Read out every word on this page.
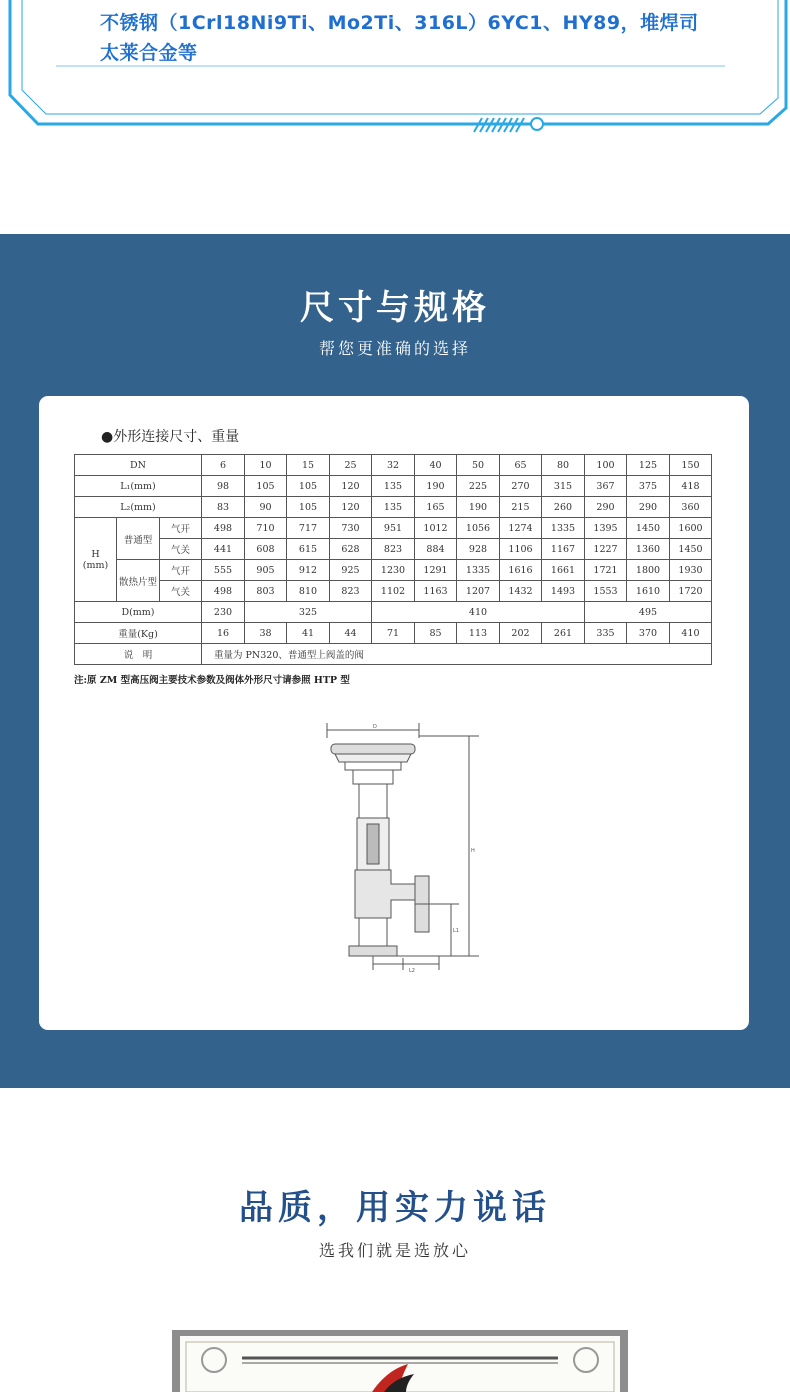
不锈钢（1Crl18Ni9Ti、Mo2Ti、316L）6YC1、HY89，堆焊司
太莱合金等
尺寸与规格
帮您更准确的选择
●外形连接尺寸、重量
DN			6	10	15	25	32	40	50	65	80	100	125	150
L₁(mm)			98	105	105	120	135	190	225	270	315	367	375	418
L₂(mm)			83	90	105	120	135	165	190	215	260	290	290	360
H
(mm)	普通型	气开	498	710	717	730	951	1012	1056	1274	1335	1395	1450	1600
		气关	441	608	615	628	823	884	928	1106	1167	1227	1360	1450
	散热片型	气开	555	905	912	925	1230	1291	1335	1616	1661	1721	1800	1930
		气关	498	803	810	823	1102	1163	1207	1432	1493	1553	1610	1720
D(mm)			230	325			410					495		
重量(Kg)			16	38	41	44	71	85	113	202	261	335	370	410
说　明			重量为 PN320、普通型上阀盖的阀											
注:原 ZM 型高压阀主要技术参数及阀体外形尺寸请参照 HTP 型
D
H
L1
L2
品质，用实力说话
选我们就是选放心
